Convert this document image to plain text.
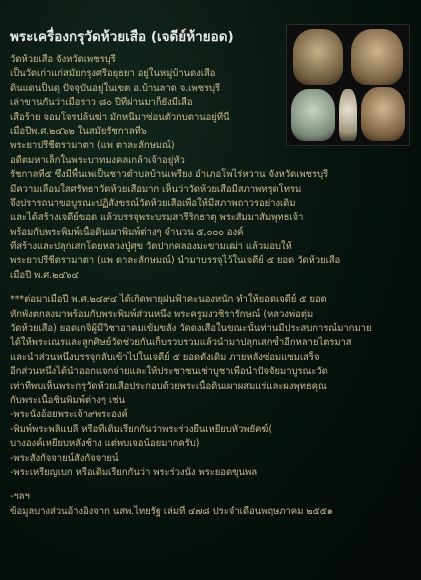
พระเครื่องกรุวัดห้วยเสือ (เจดีย์ห้ายอด)
วัดห้วยเสือ จังหวัดเพชรบุรี
เป็นวัดเก่าแก่สมัยกรุงศรีอยุธยา อยู่ในหมู่บ้านดงเสือ
ดินแดนป็นดุ ปัจจุบันอยู่ในเขต อ.บ้านลาด จ.เพชรบุรี
เล่าขานกันว่าเมื่อราว ๘๐ ปีที่ผ่านมาก็ยังมีเสือ
เสือร้าย จอมโจรปล้นฆ่า มักหนีมาซ่อนตัวกบดานอยู่ที่นี่
เมื่อปีพ.ศ.๒๔๖๒ ในสมัยรัชกาลที่๖
พระยาปรีชีตรามาตา (แพ ตาละลักษมณ์)
อดีตมหาเล็กในพระบาทมงคลเกล้าเจ้าอยู่หัว
รัชกาลที่๕ ซึ่งมีพื้นเพเป็นชาวตำบลบ้านเพรียง อำเภอโพไร่หวาน จังหวัดเพชรบุรี
มีความเลื่อมใสศรัทธาวัดห้วยเสือมาก เห็นว่าวัดห้วยเสือมีสภาพทรุดโทรม
จึงปรารถนาขอบูรณะปฏิสังขรณ์วัดห้วยเสือเพื่อให้มีสภาพถาวรอย่างเดิม
และได้สร้างเจดีย์ขอด แล้วบรรจุพระบรมสารีริกธาตุ พระสัมมาสัมพุทธเจ้า
พร้อมกับพระพิมพ์เนื้อดินเผาพิมพ์ต่างๆ จำนวน ๕,๐๐๐ องค์
ที่สร้างและปลุกเสกโดยหลวงปู่ศุข วัดปากคลองมะขามเฒ่า แล้วมอบให้
พระยาปรีชีตรามาตา (แพ ตาละลักษมณ์) นำมาบรรจุไว้ในเจดีย์ ๕ ยอด วัดห้วยเสือ
เมื่อปี พ.ศ.๒๔๖๔
***ต่อมาเมื่อปี พ.ศ.๒๔๙๔ ได้เกิดพายุฝนฟ้าคะนองหนัก ทำให้ยอดเจดีย์ ๕ ยอด
หักพังตกลงมาพร้อมกับพระพิมพ์ส่วนหนึ่ง พระครูมงวชิรารักษณ์ (หลวงพ่อตุ่ม
วัดห้วยเสือ) ยอดเกจิผู้มีวิชาอาคมเข้มขลัง วัดดงเสือในขณะนั้นท่านมีประสบการณ์มากมาย
ได้ให้พระเณรและลูกศิษย์วัดช่วยกันเก็บรวบรวมแล้วนำมาปลุกเสกซ้ำอีกหลายไตรมาส
และนำส่วนหนึ่งบรรจุกลับเข้าไปในเจดีย์ ๕ ยอดดังเดิม ภายหลังซ่อมแซมเสร็จ
อีกส่วนหนึ่งได้นำออกแจกจ่ายและให้ประชาชนเช่าบูชาเพื่อนำปัจจัยมาบูรณะวัด
เท่าที่พบเห็นพระกรุวัดห้วยเสือประกอบด้วยพระเนื้อดินเผาผสมแร่และผงพุทธคุณ
กับพระเนื้อชินพิมพ์ต่างๆ เช่น
-พระนั่งอ้อยพระเจ้า๙พระองค์
-พิมพ์พระพลิแบลี หรือที่เดิมเรียกกันว่าพระร่วงยืนเหยียบหัวพยัคฆ์(
บางองค์เหยียบหลังช้าง แต่พบเจอน้อยมากครับ)
-พระสังกัจจายน์สังกัจจายน์
-พระเหรียญเบก หรือเดิมเรียกกันว่า พระร่วงนั่ง พระยอดขุนพล
-ฯลฯ
ข้อมูลบางส่วนอ้างอิงจาก นสพ.ไทยรัฐ เล่มที่ ๔๗๘ ประจำเดือนพฤษภาคม ๒๕๕๑
